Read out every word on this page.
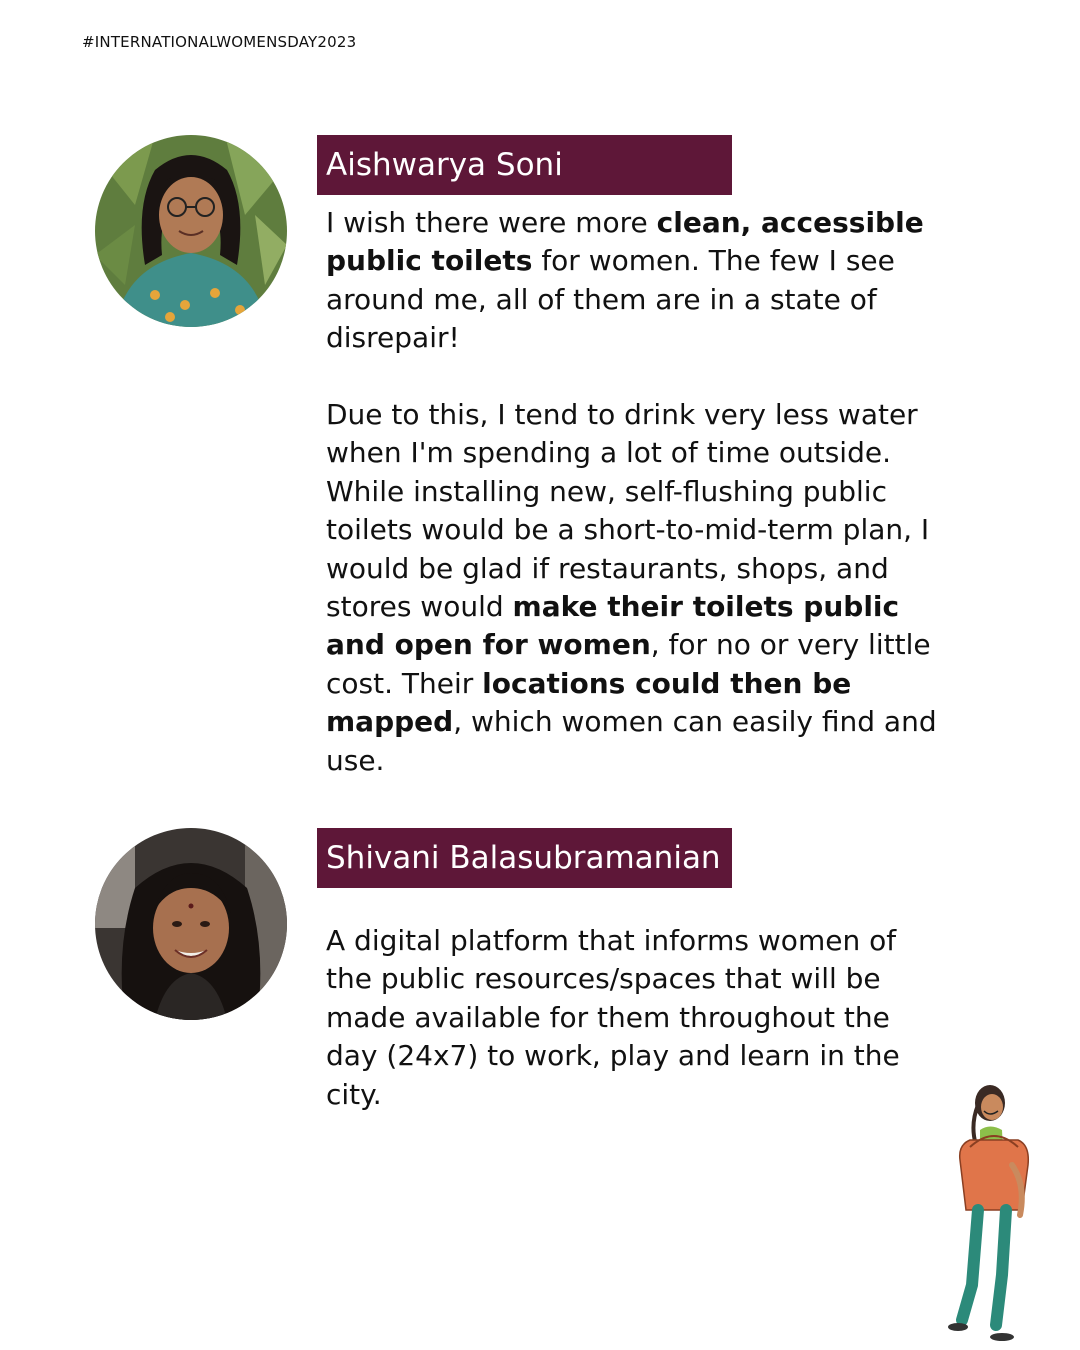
#INTERNATIONALWOMENSDAY2023
Aishwarya Soni

I wish there were more clean, accessible public toilets for women. The few I see around me, all of them are in a state of disrepair!

Due to this, I tend to drink very less water when I'm spending a lot of time outside. While installing new, self-flushing public toilets would be a short-to-mid-term plan, I would be glad if restaurants, shops, and stores would make their toilets public and open for women, for no or very little cost. Their locations could then be mapped, which women can easily find and use.

Shivani Balasubramanian

A digital platform that informs women of the public resources/spaces that will be made available for them throughout the day (24x7) to work, play and learn in the city.
